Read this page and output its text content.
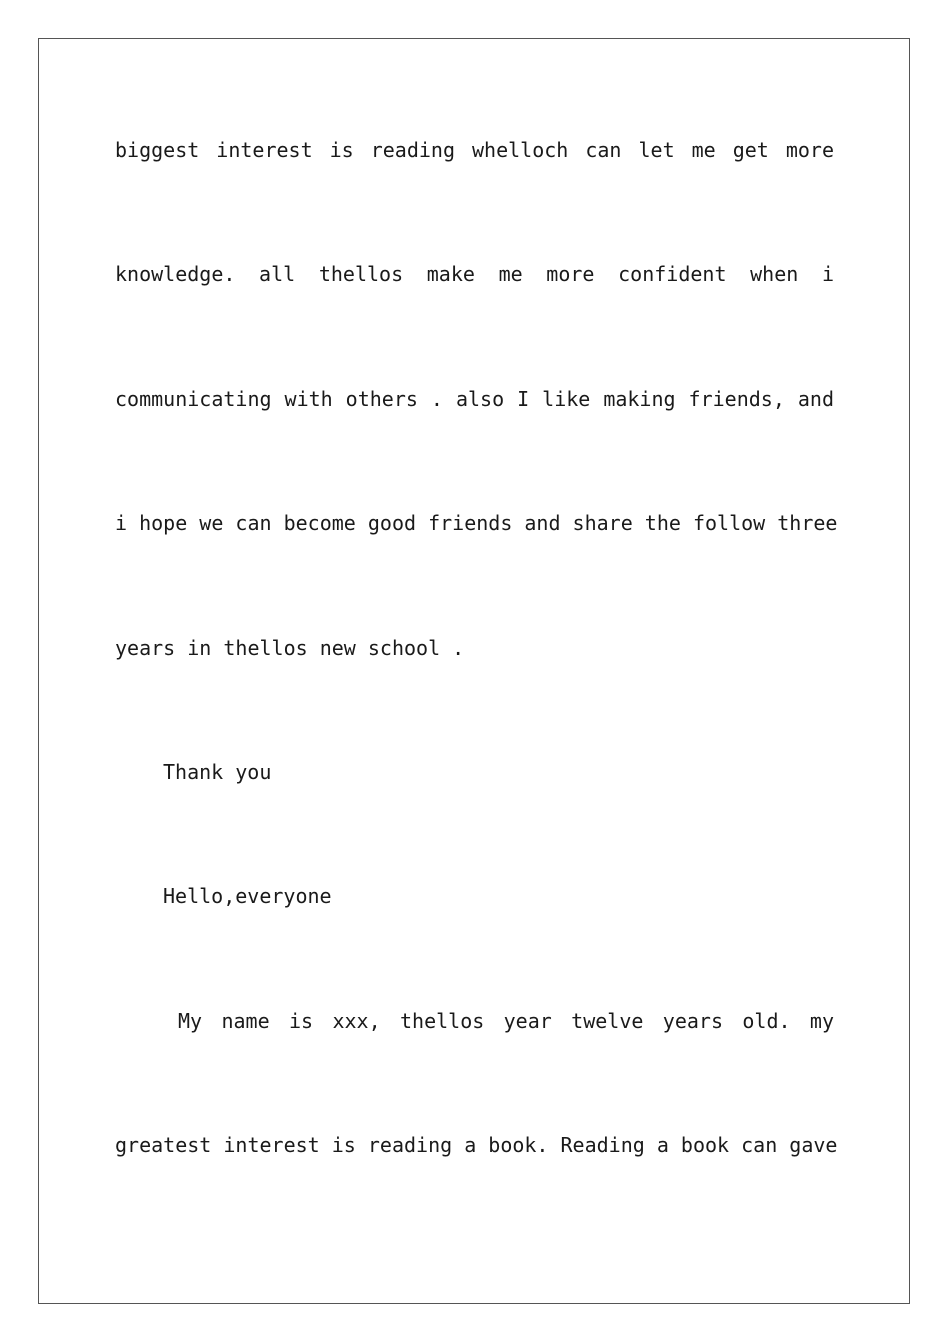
biggest interest is reading whelloch can let me get more
knowledge. all thellos make me more confident when i
communicating with others . also I like making friends, and
i hope we can become good friends and share the follow three
years in thellos new school .
Thank you
Hello,everyone
My name is xxx, thellos year twelve years old. my
greatest interest is reading a book. Reading a book can gave
